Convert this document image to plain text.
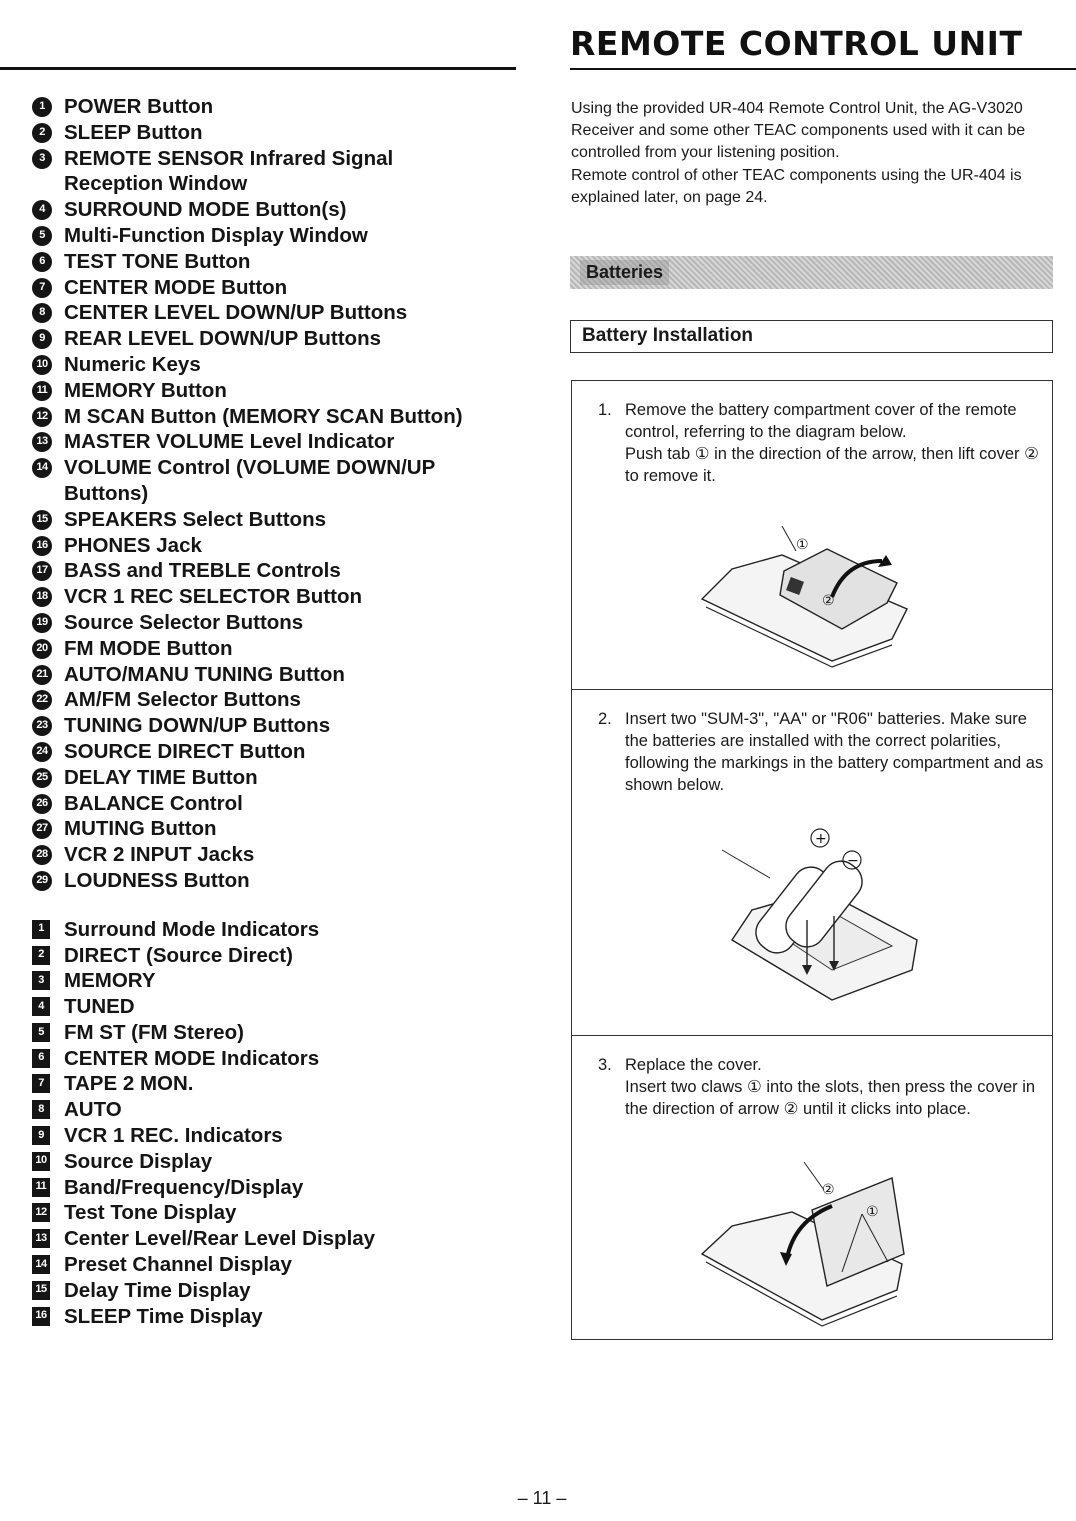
REMOTE CONTROL UNIT
1 POWER Button
2 SLEEP Button
3 REMOTE SENSOR Infrared Signal Reception Window
4 SURROUND MODE Button(s)
5 Multi-Function Display Window
6 TEST TONE Button
7 CENTER MODE Button
8 CENTER LEVEL DOWN/UP Buttons
9 REAR LEVEL DOWN/UP Buttons
10 Numeric Keys
11 MEMORY Button
12 M SCAN Button (MEMORY SCAN Button)
13 MASTER VOLUME Level Indicator
14 VOLUME Control (VOLUME DOWN/UP Buttons)
15 SPEAKERS Select Buttons
16 PHONES Jack
17 BASS and TREBLE Controls
18 VCR 1 REC SELECTOR Button
19 Source Selector Buttons
20 FM MODE Button
21 AUTO/MANU TUNING Button
22 AM/FM Selector Buttons
23 TUNING DOWN/UP Buttons
24 SOURCE DIRECT Button
25 DELAY TIME Button
26 BALANCE Control
27 MUTING Button
28 VCR 2 INPUT Jacks
29 LOUDNESS Button
1 Surround Mode Indicators
2 DIRECT (Source Direct)
3 MEMORY
4 TUNED
5 FM ST (FM Stereo)
6 CENTER MODE Indicators
7 TAPE 2 MON.
8 AUTO
9 VCR 1 REC. Indicators
10 Source Display
11 Band/Frequency/Display
12 Test Tone Display
13 Center Level/Rear Level Display
14 Preset Channel Display
15 Delay Time Display
16 SLEEP Time Display

Using the provided UR-404 Remote Control Unit, the AG-V3020 Receiver and some other TEAC components used with it can be controlled from your listening position.

Remote control of other TEAC components using the UR-404 is explained later, on page 24.

Batteries
Battery Installation
1. Remove the battery compartment cover of the remote control, referring to the diagram below.

Push tab ① in the direction of the arrow, then lift cover ② to remove it.

①
②
2. Insert two "SUM-3", "AA" or "R06" batteries. Make sure the batteries are installed with the correct polarities, following the markings in the battery compartment and as shown below.

+
−
3. Replace the cover.

Insert two claws ① into the slots, then press the cover in the direction of arrow ② until it clicks into place.

②
①
– 11 –
